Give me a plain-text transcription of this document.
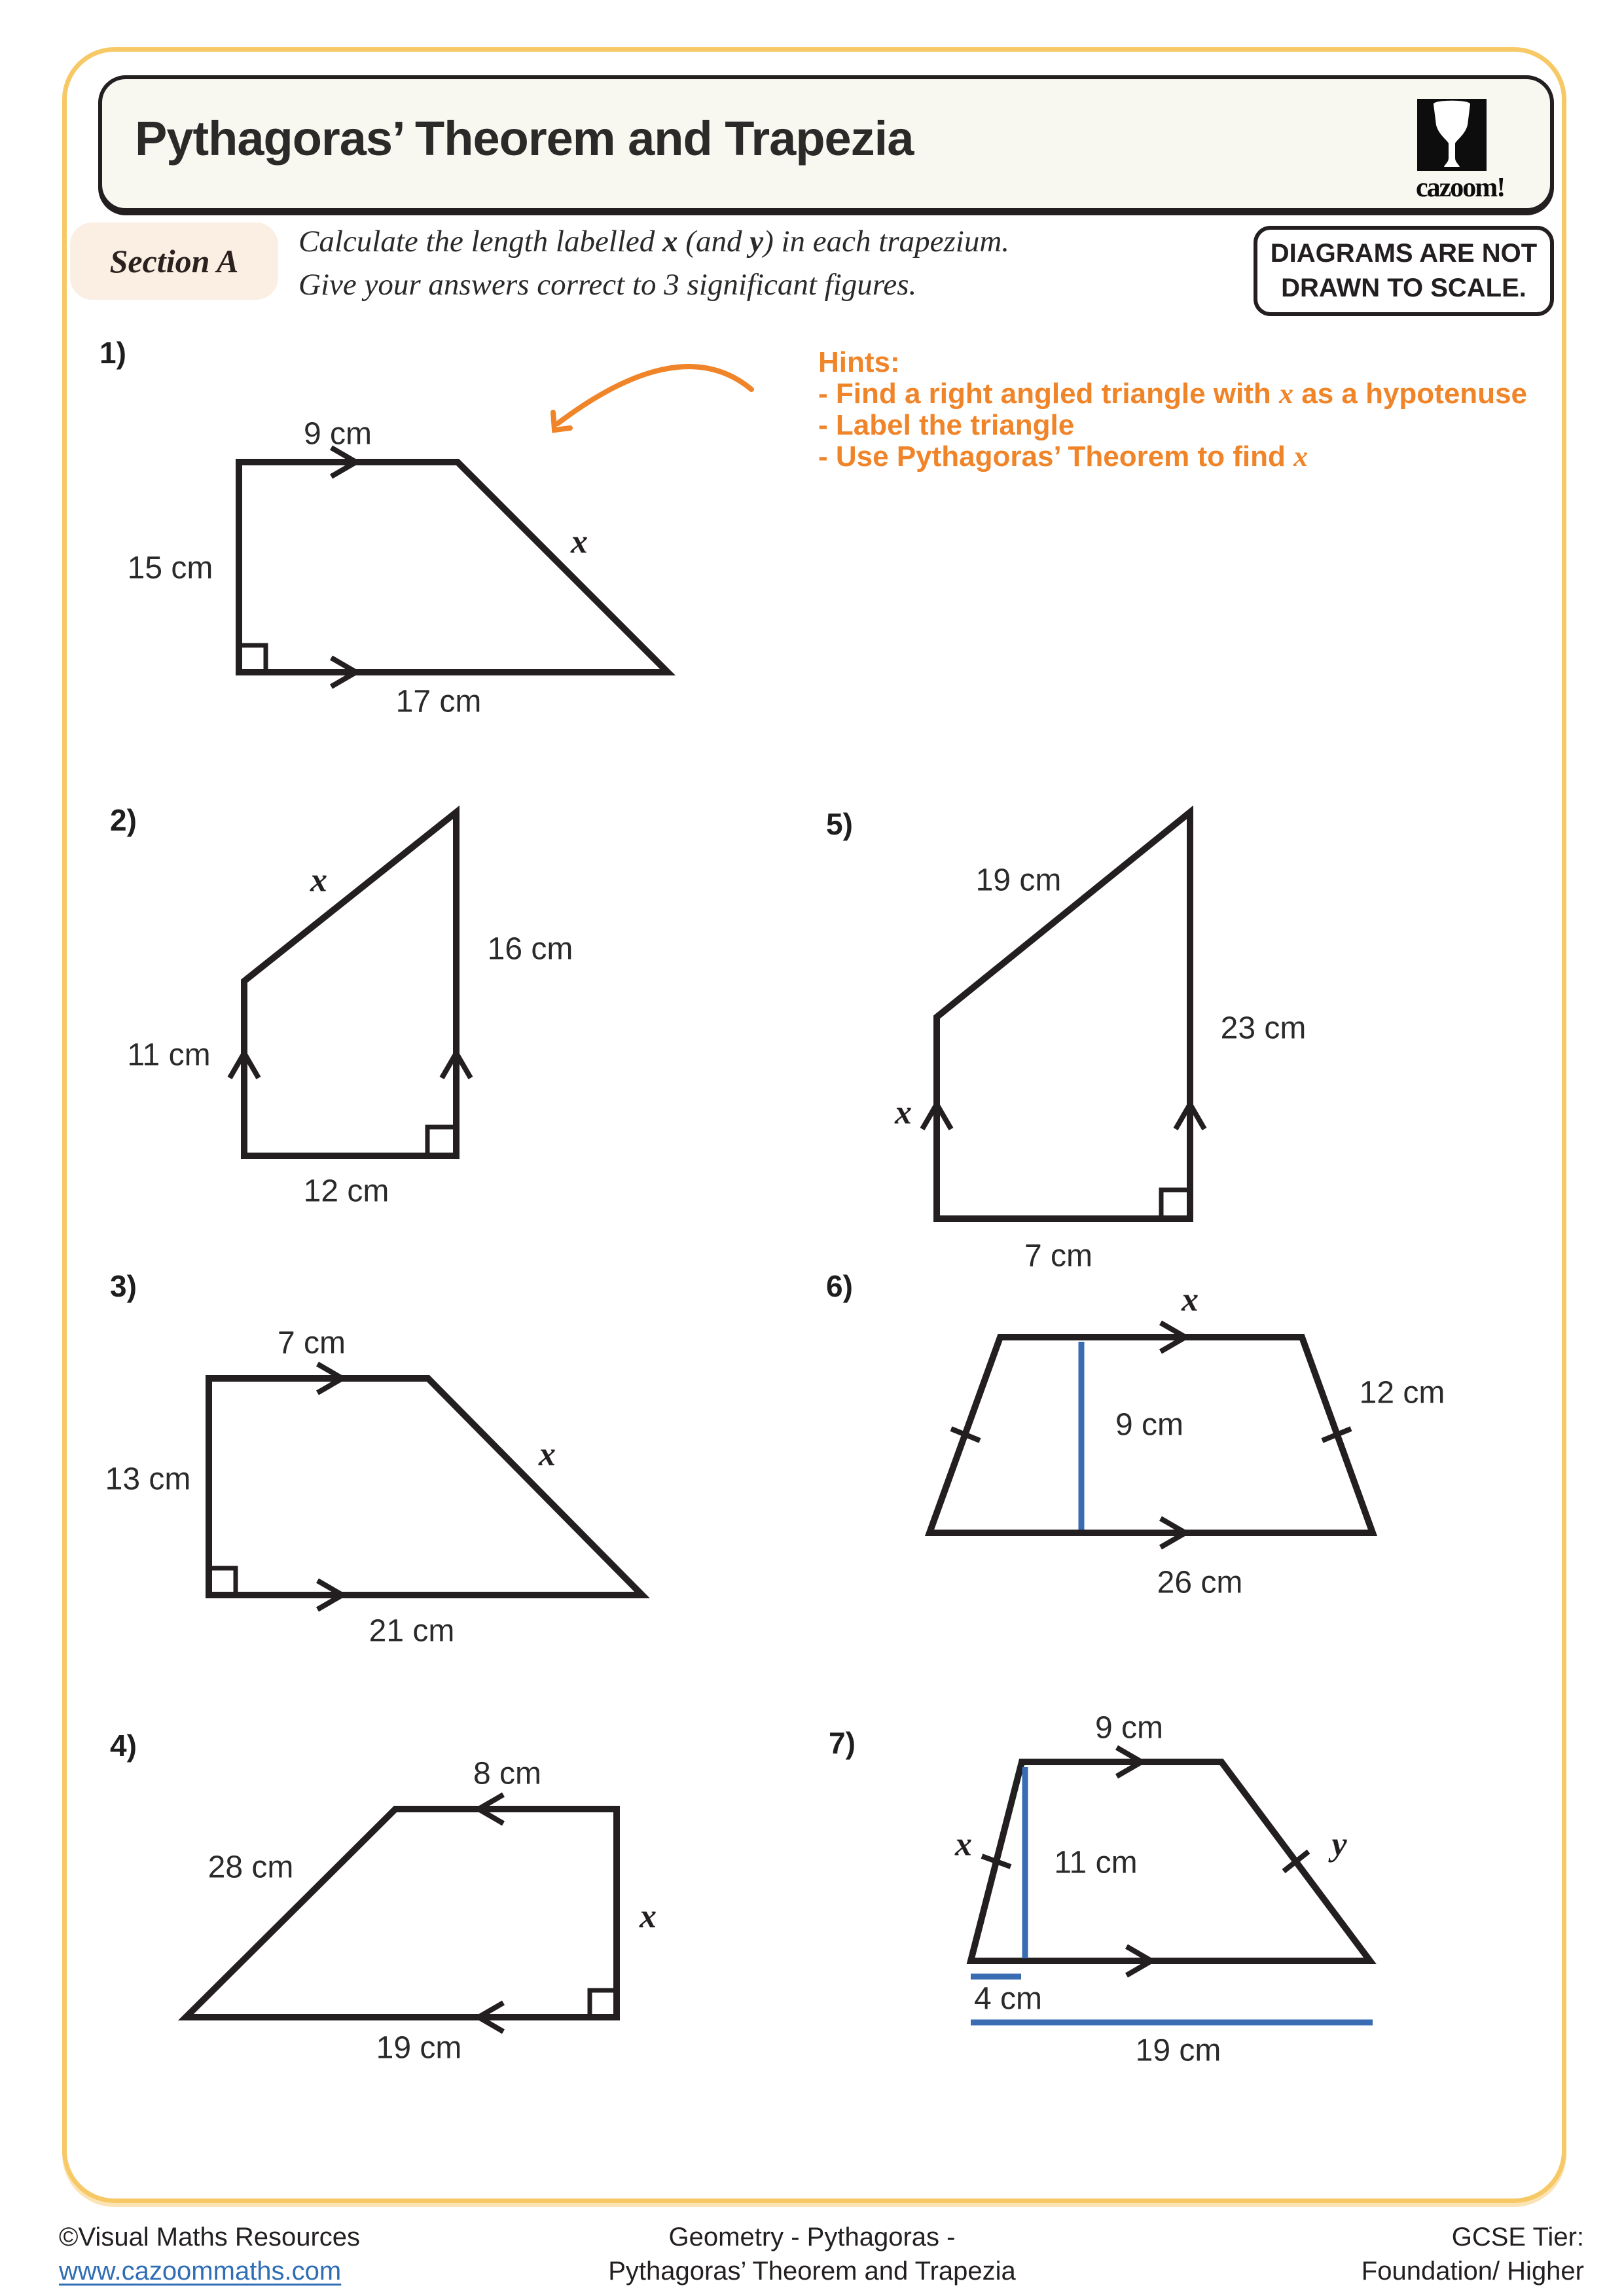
Pythagoras’ Theorem and Trapezia
cazoom!
Section A
Calculate the length labelled x (and y) in each trapezium.
Give your answers correct to 3 significant figures.
DIAGRAMS ARE NOT
DRAWN TO SCALE.
Hints:
- Find a right angled triangle with x as a hypotenuse
- Label the triangle
- Use Pythagoras’ Theorem to find x
1)
2)
3)
4)
5)
6)
7)
9 cm
15 cm
x
17 cm
x
16 cm
11 cm
12 cm
7 cm
13 cm
x
21 cm
8 cm
28 cm
x
19 cm
19 cm
23 cm
x
7 cm
x
12 cm
9 cm
26 cm
9 cm
x	11 cm	y
4 cm
19 cm
©Visual Maths Resources
www.cazoommaths.com
Geometry - Pythagoras -
Pythagoras’ Theorem and Trapezia
GCSE Tier:
Foundation/ Higher
